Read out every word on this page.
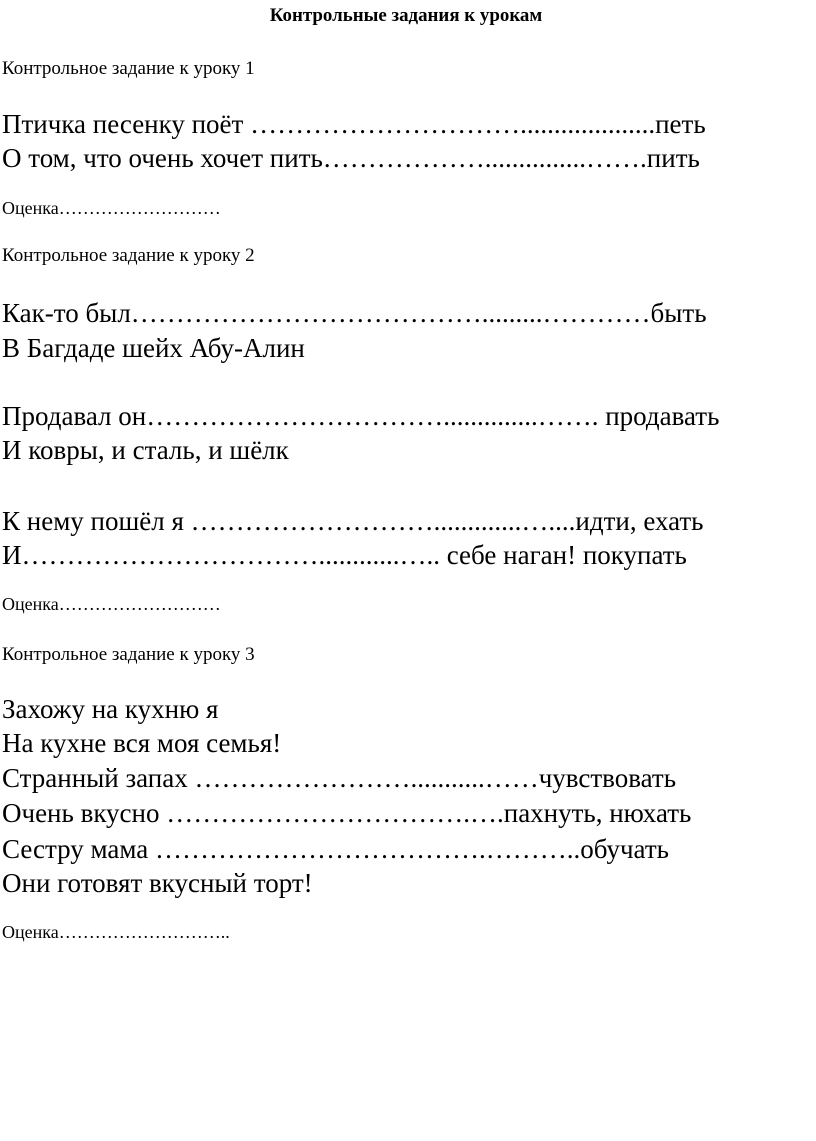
Контрольные задания к урокам
Контрольное задание к уроку 1
Птичка песенку поёт …………………………....................петь
О том, что очень хочет пить………………...............…….пить
Оценка………………………
Контрольное задание к уроку 2
Как-то был………………………………….........…………быть
В Багдаде шейх Абу-Алин
Продавал он……………………………..............……. продавать
И ковры, и сталь, и шёлк
К нему пошёл я ……………………….............…....идти, ехать
И……………………………............….. себе наган! покупать
Оценка………………………
Контрольное задание к уроку 3
Захожу на кухню я
На кухне вся моя семья!
Странный запах ……………………...........……чувствовать
Очень вкусно …………………………….….пахнуть, нюхать
Сестру мама ……………………………….………..обучать
Они готовят вкусный торт!
Оценка………………………..
